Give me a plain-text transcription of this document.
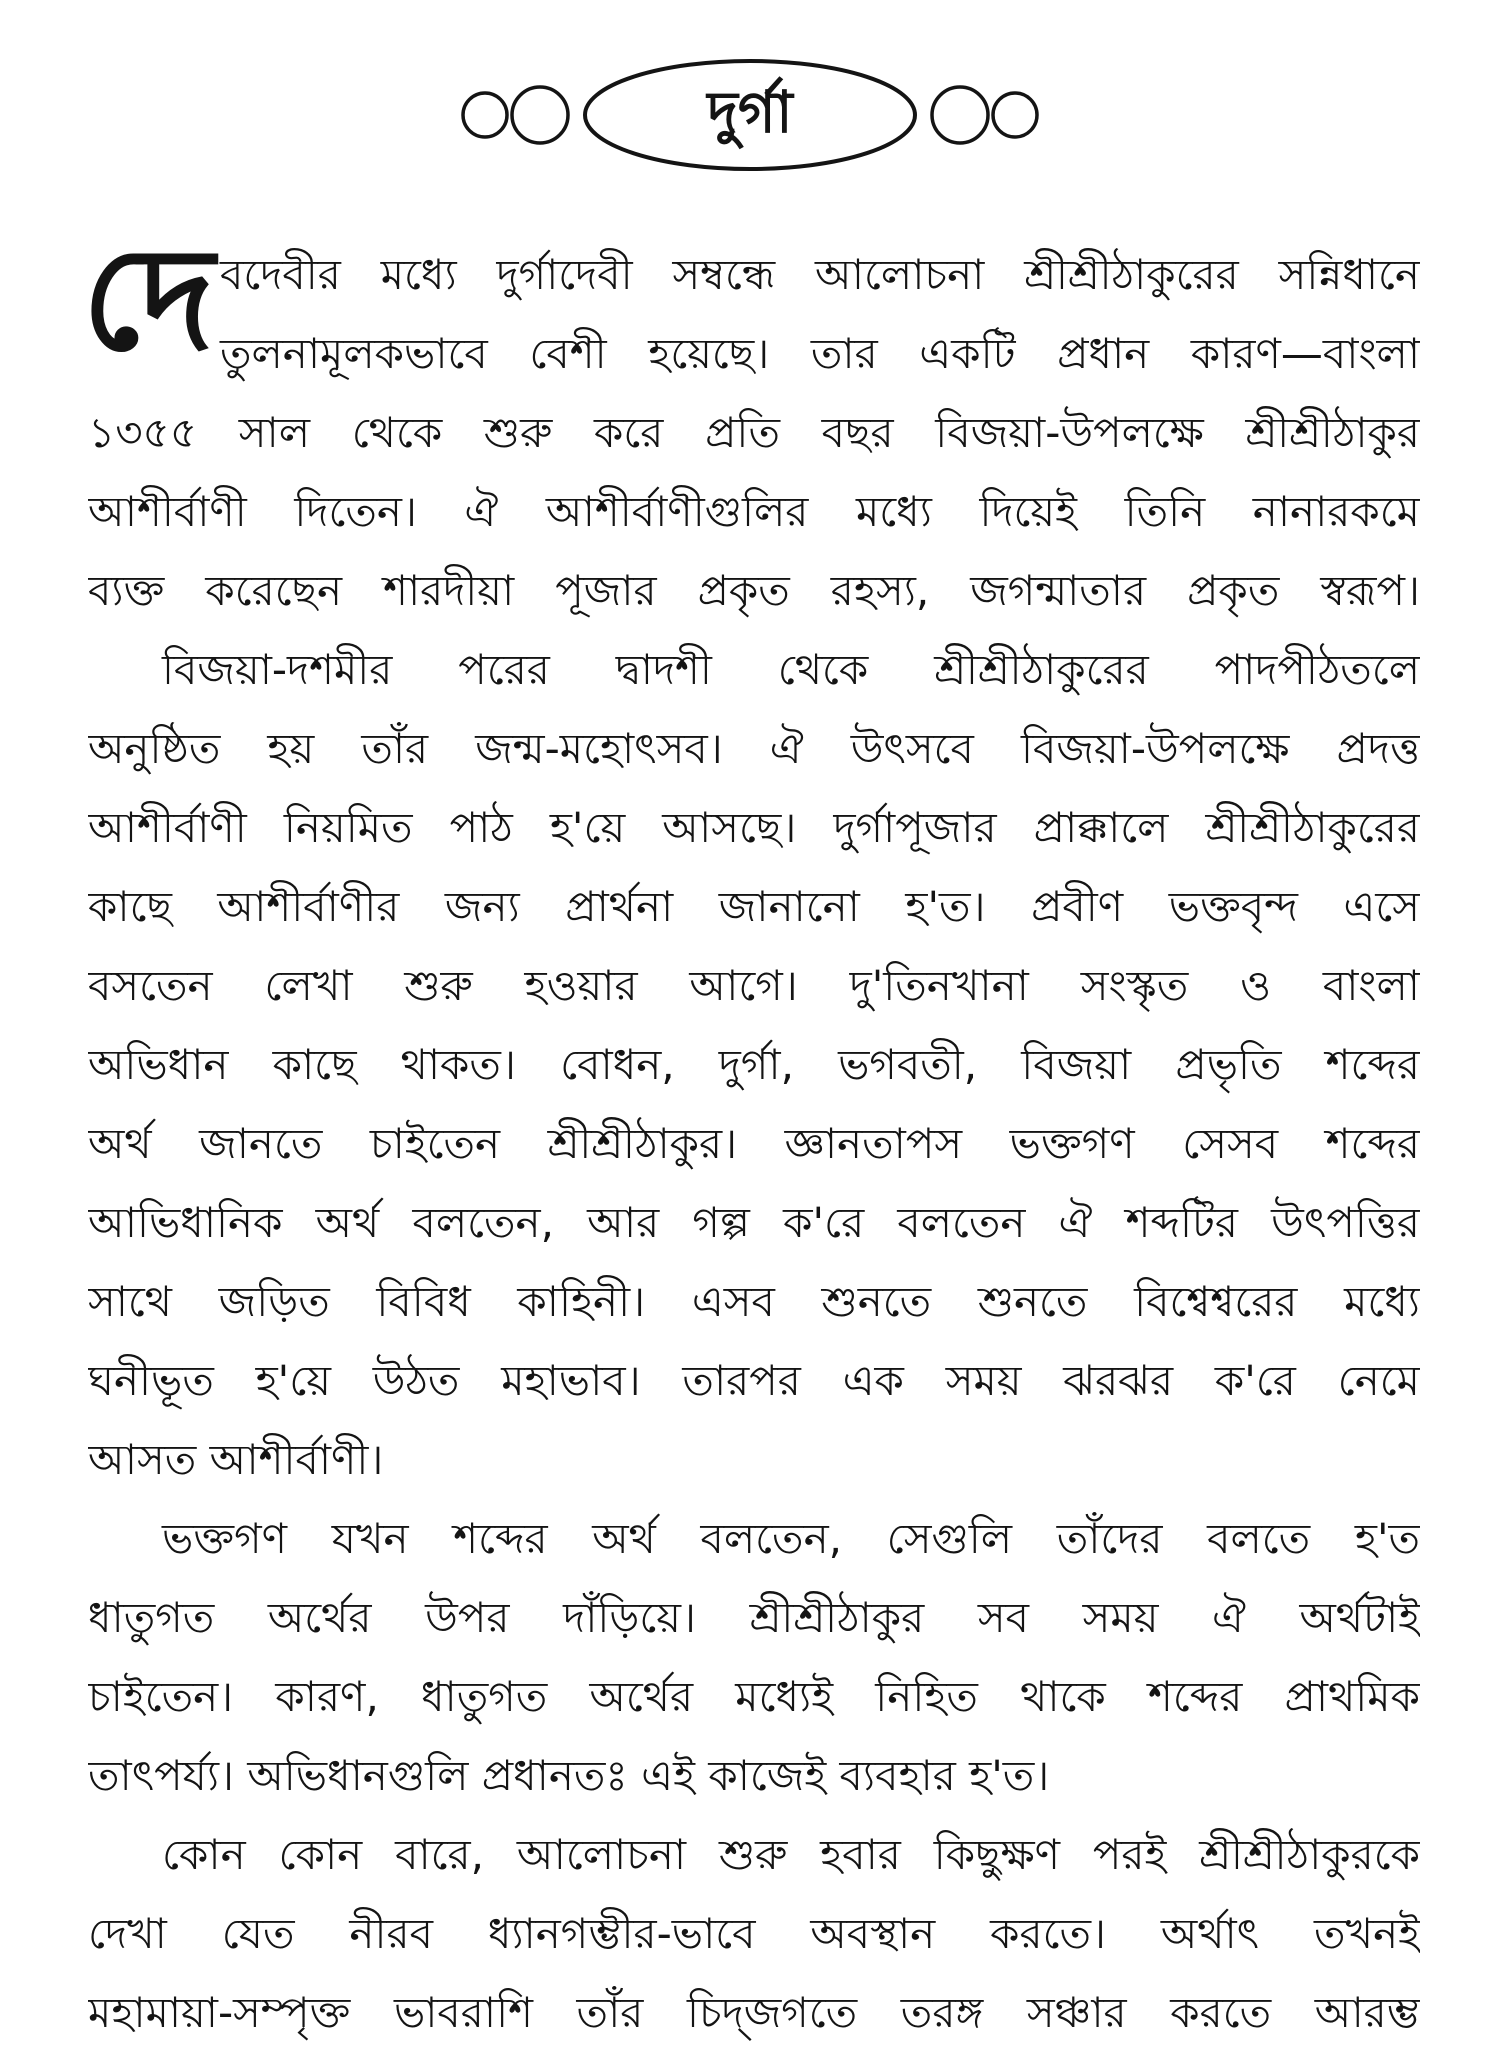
দুর্গা
দে বদেবীর মধ্যে দুর্গাদেবী সম্বন্ধে আলোচনা শ্রীশ্রীঠাকুরের সন্নিধানে
তুলনামূলকভাবে বেশী হয়েছে। তার একটি প্রধান কারণ—বাংলা
১৩৫৫ সাল থেকে শুরু করে প্রতি বছর বিজয়া-উপলক্ষে শ্রীশ্রীঠাকুর
আশীর্বাণী দিতেন। ঐ আশীর্বাণীগুলির মধ্যে দিয়েই তিনি নানারকমে
ব্যক্ত করেছেন শারদীয়া পূজার প্রকৃত রহস্য, জগন্মাতার প্রকৃত স্বরূপ।
বিজয়া-দশমীর পরের দ্বাদশী থেকে শ্রীশ্রীঠাকুরের পাদপীঠতলে
অনুষ্ঠিত হয় তাঁর জন্ম-মহোৎসব। ঐ উৎসবে বিজয়া-উপলক্ষে প্রদত্ত
আশীর্বাণী নিয়মিত পাঠ হ'য়ে আসছে। দুর্গাপূজার প্রাক্কালে শ্রীশ্রীঠাকুরের
কাছে আশীর্বাণীর জন্য প্রার্থনা জানানো হ'ত। প্রবীণ ভক্তবৃন্দ এসে
বসতেন লেখা শুরু হওয়ার আগে। দু'তিনখানা সংস্কৃত ও বাংলা
অভিধান কাছে থাকত। বোধন, দুর্গা, ভগবতী, বিজয়া প্রভৃতি শব্দের
অর্থ জানতে চাইতেন শ্রীশ্রীঠাকুর। জ্ঞানতাপস ভক্তগণ সেসব শব্দের
আভিধানিক অর্থ বলতেন, আর গল্প ক'রে বলতেন ঐ শব্দটির উৎপত্তির
সাথে জড়িত বিবিধ কাহিনী। এসব শুনতে শুনতে বিশ্বেশ্বরের মধ্যে
ঘনীভূত হ'য়ে উঠত মহাভাব। তারপর এক সময় ঝরঝর ক'রে নেমে
আসত আশীর্বাণী।
ভক্তগণ যখন শব্দের অর্থ বলতেন, সেগুলি তাঁদের বলতে হ'ত
ধাতুগত অর্থের উপর দাঁড়িয়ে। শ্রীশ্রীঠাকুর সব সময় ঐ অর্থটাই
চাইতেন। কারণ, ধাতুগত অর্থের মধ্যেই নিহিত থাকে শব্দের প্রাথমিক
তাৎপর্য্য। অভিধানগুলি প্রধানতঃ এই কাজেই ব্যবহার হ'ত।
কোন কোন বারে, আলোচনা শুরু হবার কিছুক্ষণ পরই শ্রীশ্রীঠাকুরকে
দেখা যেত নীরব ধ্যানগম্ভীর-ভাবে অবস্থান করতে। অর্থাৎ তখনই
মহামায়া-সম্পৃক্ত ভাবরাশি তাঁর চিদ্জগতে তরঙ্গ সঞ্চার করতে আরম্ভ
